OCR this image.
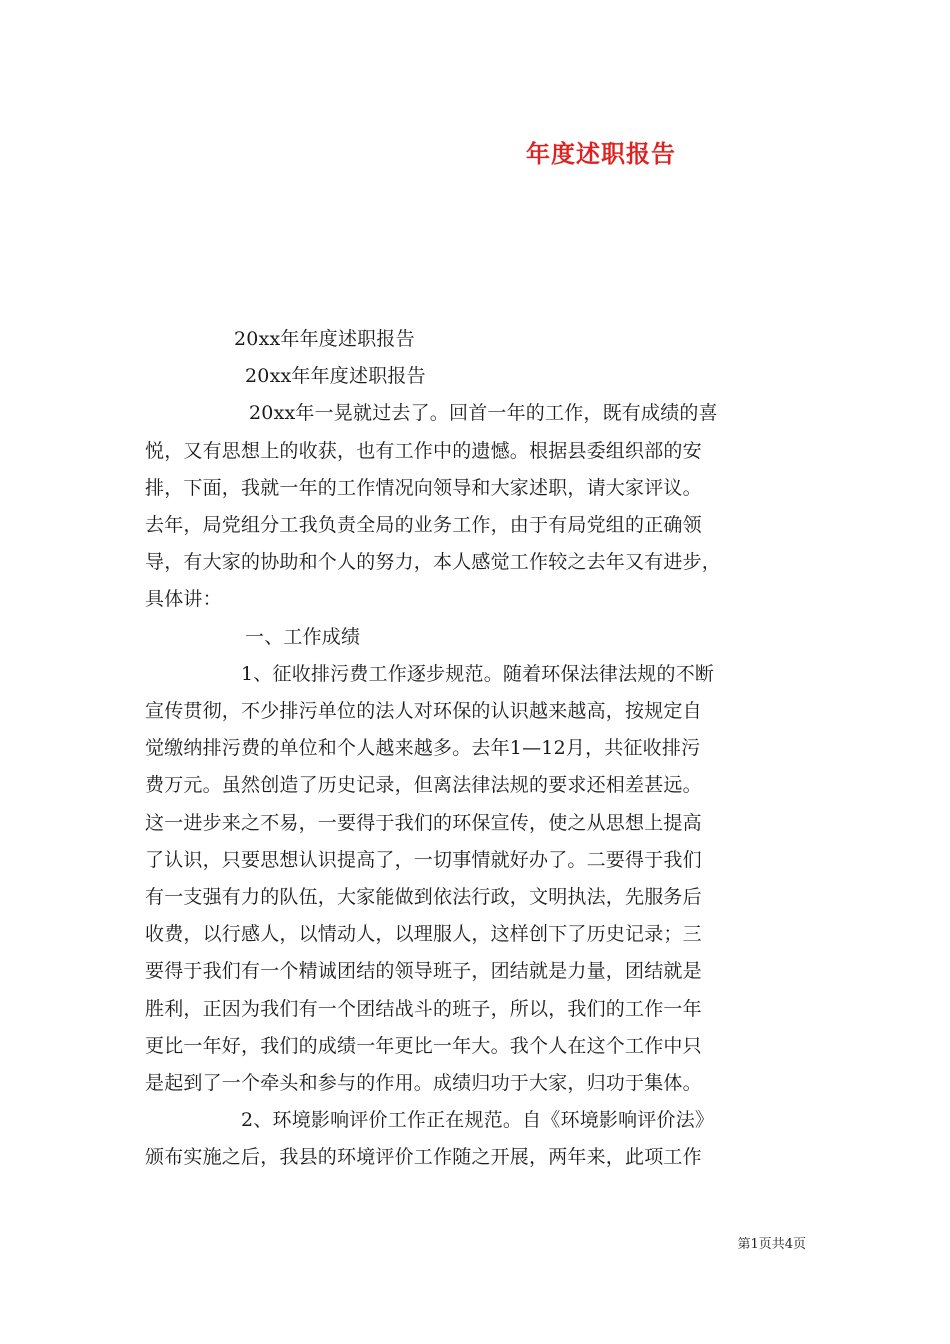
年度述职报告
20xx年年度述职报告
20xx年年度述职报告
20xx年一晃就过去了。回首一年的工作，既有成绩的喜
悦，又有思想上的收获，也有工作中的遗憾。根据县委组织部的安
排，下面，我就一年的工作情况向领导和大家述职，请大家评议。
去年，局党组分工我负责全局的业务工作，由于有局党组的正确领
导，有大家的协助和个人的努力，本人感觉工作较之去年又有进步，
具体讲：
一、工作成绩
1、征收排污费工作逐步规范。随着环保法律法规的不断
宣传贯彻，不少排污单位的法人对环保的认识越来越高，按规定自
觉缴纳排污费的单位和个人越来越多。去年1—12月，共征收排污
费万元。虽然创造了历史记录，但离法律法规的要求还相差甚远。
这一进步来之不易，一要得于我们的环保宣传，使之从思想上提高
了认识，只要思想认识提高了，一切事情就好办了。二要得于我们
有一支强有力的队伍，大家能做到依法行政，文明执法，先服务后
收费，以行感人，以情动人，以理服人，这样创下了历史记录；三
要得于我们有一个精诚团结的领导班子，团结就是力量，团结就是
胜利，正因为我们有一个团结战斗的班子，所以，我们的工作一年
更比一年好，我们的成绩一年更比一年大。我个人在这个工作中只
是起到了一个牵头和参与的作用。成绩归功于大家，归功于集体。
2、环境影响评价工作正在规范。自《环境影响评价法》
颁布实施之后，我县的环境评价工作随之开展，两年来，此项工作
第1页共4页
